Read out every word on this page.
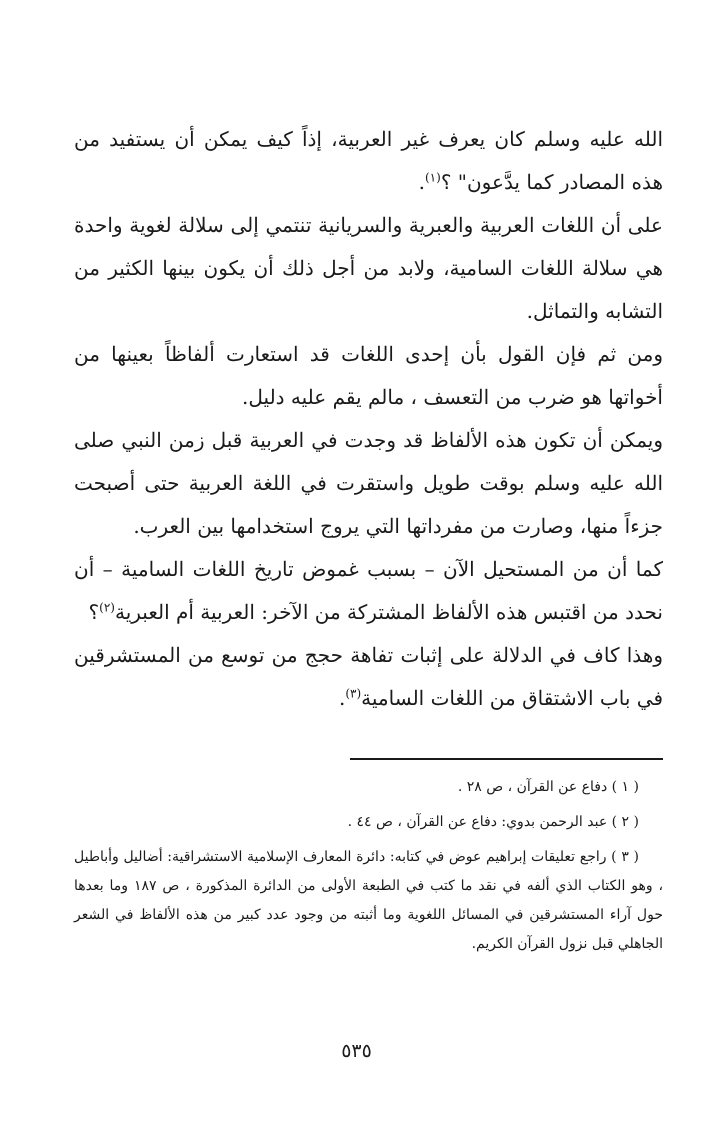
الله عليه وسلم كان يعرف غير العربية، إذاً كيف يمكن أن يستفيد من هذه المصادر كما يدَّعون" ؟$^{(١)}$.

على أن اللغات العربية والعبرية والسريانية تنتمي إلى سلالة لغوية واحدة هي سلالة اللغات السامية، ولابد من أجل ذلك أن يكون بينها الكثير من التشابه والتماثل.

ومن ثم فإن القول بأن إحدى اللغات قد استعارت ألفاظاً بعينها من أخواتها هو ضرب من التعسف ، مالم يقم عليه دليل.

ويمكن أن تكون هذه الألفاظ قد وجدت في العربية قبل زمن النبي صلى الله عليه وسلم بوقت طويل واستقرت في اللغة العربية حتى أصبحت جزءاً منها، وصارت من مفرداتها التي يروج استخدامها بين العرب.

كما أن من المستحيل الآن – بسبب غموض تاريخ اللغات السامية – أن نحدد من اقتبس هذه الألفاظ المشتركة من الآخر: العربية أم العبرية$^{(٢)}$؟

وهذا كاف في الدلالة على إثبات تفاهة حجج من توسع من المستشرقين في باب الاشتقاق من اللغات السامية$^{(٣)}$.

( ١ ) دفاع عن القرآن ، ص ٢٨ .

( ٢ ) عبد الرحمن بدوي: دفاع عن القرآن ، ص ٤٤ .

( ٣ ) راجع تعليقات إبراهيم عوض في كتابه: دائرة المعارف الإسلامية الاستشراقية: أضاليل وأباطيل ، وهو الكتاب الذي ألفه في نقد ما كتب في الطبعة الأولى من الدائرة المذكورة ، ص ١٨٧ وما بعدها حول آراء المستشرقين في المسائل اللغوية وما أثبته من وجود عدد كبير من هذه الألفاظ في الشعر الجاهلي قبل نزول القرآن الكريم.

٥٣٥
